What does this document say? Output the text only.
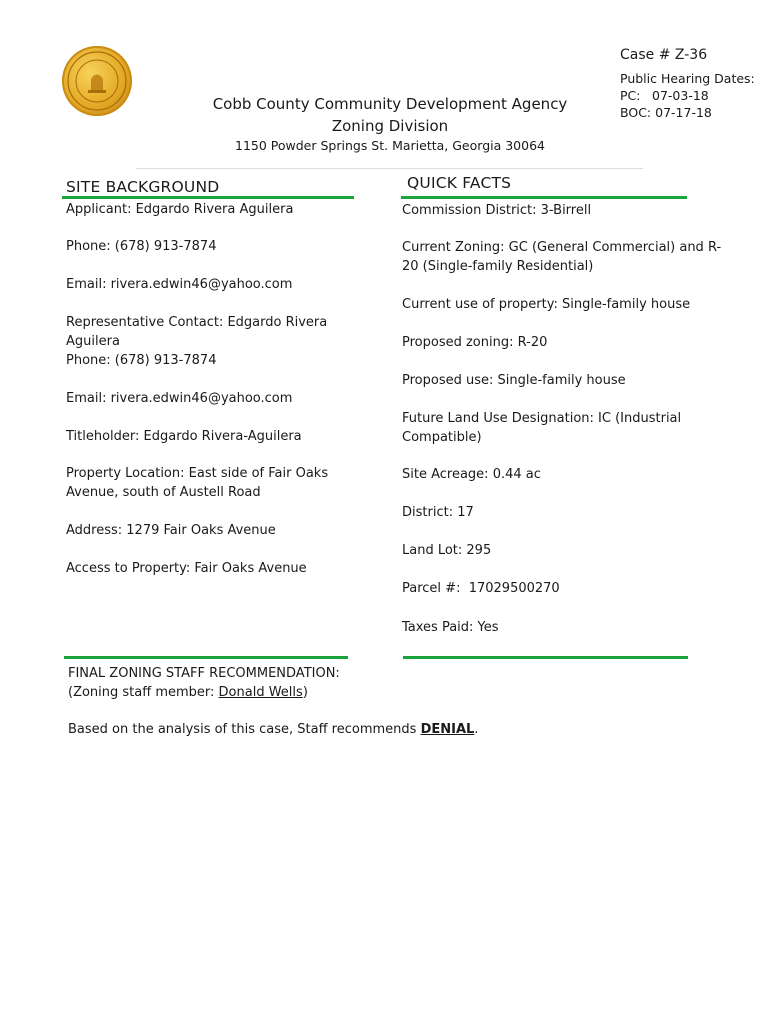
Cobb County Community Development Agency
Zoning Division
1150 Powder Springs St. Marietta, Georgia 30064
Case # Z-36
Public Hearing Dates:
PC: 07-03-18
BOC: 07-17-18
SITE BACKGROUND
Applicant: Edgardo Rivera Aguilera
Phone: (678) 913-7874
Email: rivera.edwin46@yahoo.com
Representative Contact: Edgardo Rivera Aguilera
Phone: (678) 913-7874
Email: rivera.edwin46@yahoo.com
Titleholder: Edgardo Rivera-Aguilera
Property Location: East side of Fair Oaks Avenue, south of Austell Road
Address: 1279 Fair Oaks Avenue
Access to Property: Fair Oaks Avenue
QUICK FACTS
Commission District: 3-Birrell
Current Zoning: GC (General Commercial) and R-20 (Single-family Residential)
Current use of property: Single-family house
Proposed zoning: R-20
Proposed use: Single-family house
Future Land Use Designation: IC (Industrial Compatible)
Site Acreage: 0.44 ac
District: 17
Land Lot: 295
Parcel #:  17029500270
Taxes Paid: Yes
FINAL ZONING STAFF RECOMMENDATION:
(Zoning staff member: Donald Wells)
Based on the analysis of this case, Staff recommends DENIAL.
